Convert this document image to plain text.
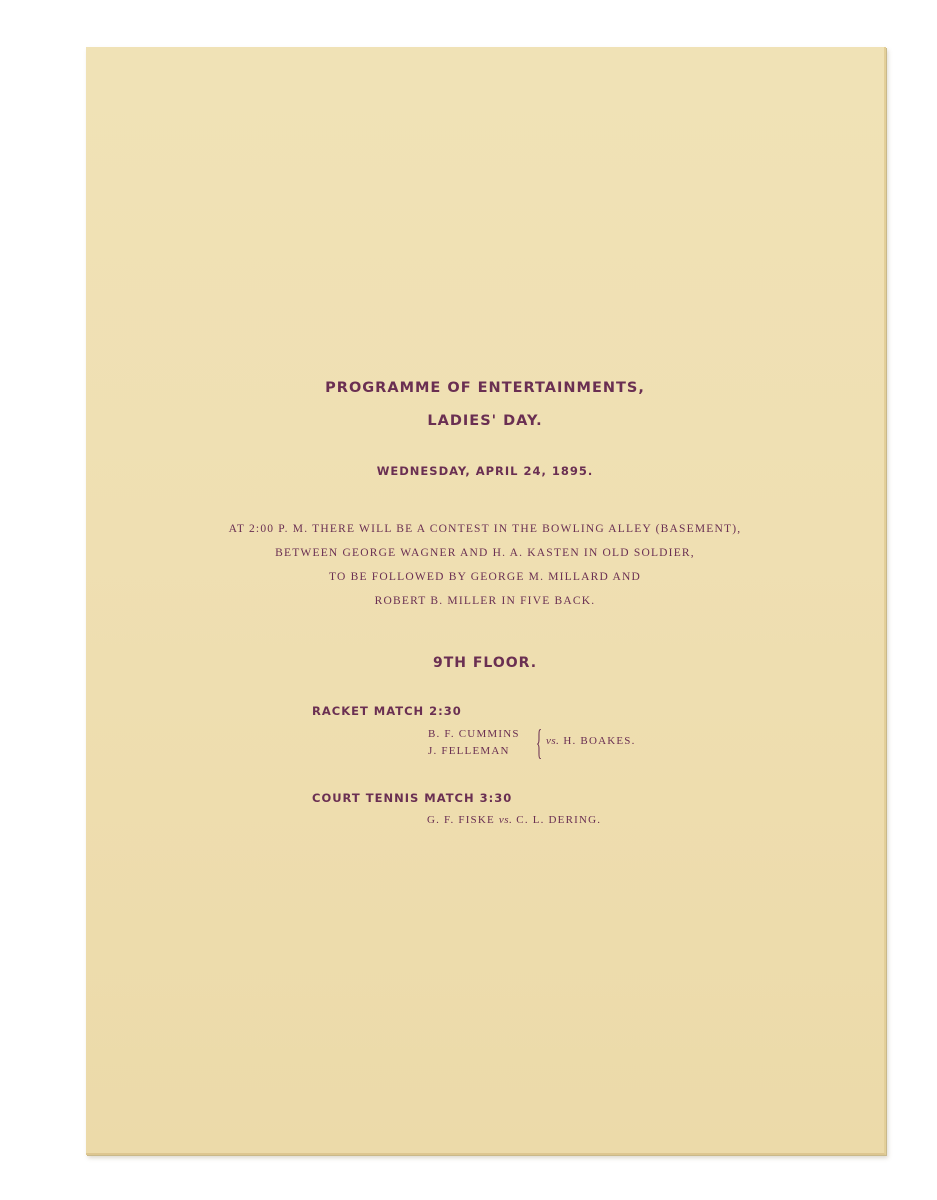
PROGRAMME OF ENTERTAINMENTS,
LADIES' DAY.
WEDNESDAY, APRIL 24, 1895.
AT 2:00 P. M. THERE WILL BE A CONTEST IN THE BOWLING ALLEY (BASEMENT),
BETWEEN GEORGE WAGNER AND H. A. KASTEN IN OLD SOLDIER,
TO BE FOLLOWED BY GEORGE M. MILLARD AND
ROBERT B. MILLER IN FIVE BACK.
9TH FLOOR.
RACKET MATCH 2:30
B. F. CUMMINS
J. FELLEMAN { vs. H. BOAKES.
COURT TENNIS MATCH 3:30
G. F. FISKE vs. C. L. DERING.
